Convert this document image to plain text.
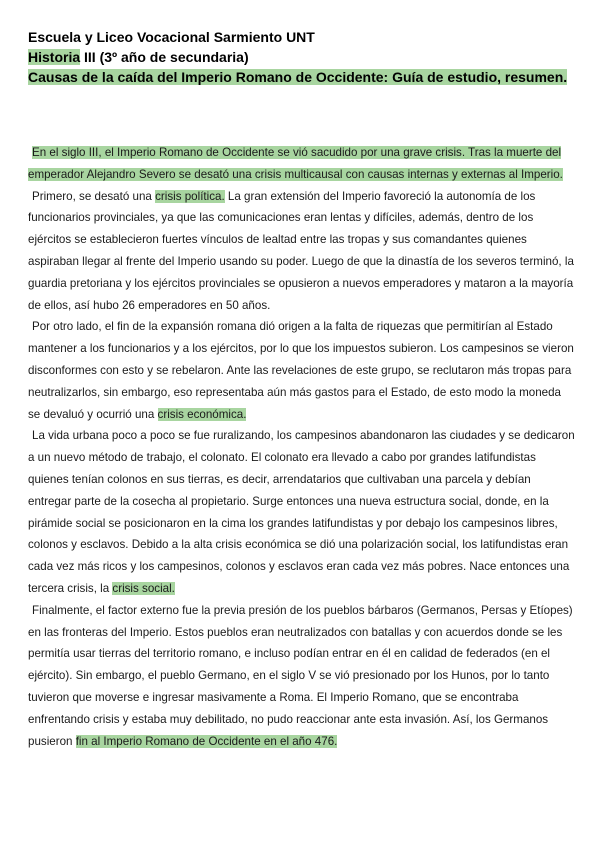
Escuela y Liceo Vocacional Sarmiento UNT
Historia III (3º año de secundaria)
Causas de la caída del Imperio Romano de Occidente: Guía de estudio, resumen.

En el siglo III, el Imperio Romano de Occidente se vió sacudido por una grave crisis. Tras la muerte del emperador Alejandro Severo se desató una crisis multicausal con causas internas y externas al Imperio.

Primero, se desató una crisis política. La gran extensión del Imperio favoreció la autonomía de los funcionarios provinciales, ya que las comunicaciones eran lentas y difíciles, además, dentro de los ejércitos se establecieron fuertes vínculos de lealtad entre las tropas y sus comandantes quienes aspiraban llegar al frente del Imperio usando su poder. Luego de que la dinastía de los severos terminó, la guardia pretoriana y los ejércitos provinciales se opusieron a nuevos emperadores y mataron a la mayoría de ellos, así hubo 26 emperadores en 50 años.

Por otro lado, el fin de la expansión romana dió origen a la falta de riquezas que permitirían al Estado mantener a los funcionarios y a los ejércitos, por lo que los impuestos subieron. Los campesinos se vieron disconformes con esto y se rebelaron. Ante las revelaciones de este grupo, se reclutaron más tropas para neutralizarlos, sin embargo, eso representaba aún más gastos para el Estado, de esto modo la moneda se devaluó y ocurrió una crisis económica.

La vida urbana poco a poco se fue ruralizando, los campesinos abandonaron las ciudades y se dedicaron a un nuevo método de trabajo, el colonato. El colonato era llevado a cabo por grandes latifundistas quienes tenían colonos en sus tierras, es decir, arrendatarios que cultivaban una parcela y debían entregar parte de la cosecha al propietario. Surge entonces una nueva estructura social, donde, en la pirámide social se posicionaron en la cima los grandes latifundistas y por debajo los campesinos libres, colonos y esclavos. Debido a la alta crisis económica se dió una polarización social, los latifundistas eran cada vez más ricos y los campesinos, colonos y esclavos eran cada vez más pobres. Nace entonces una tercera crisis, la crisis social.

Finalmente, el factor externo fue la previa presión de los pueblos bárbaros (Germanos, Persas y Etíopes) en las fronteras del Imperio. Estos pueblos eran neutralizados con batallas y con acuerdos donde se les permitía usar tierras del territorio romano, e incluso podían entrar en él en calidad de federados (en el ejército). Sin embargo, el pueblo Germano, en el siglo V se vió presionado por los Hunos, por lo tanto tuvieron que moverse e ingresar masivamente a Roma. El Imperio Romano, que se encontraba enfrentando crisis y estaba muy debilitado, no pudo reaccionar ante esta invasión. Así, los Germanos pusieron fin al Imperio Romano de Occidente en el año 476.
